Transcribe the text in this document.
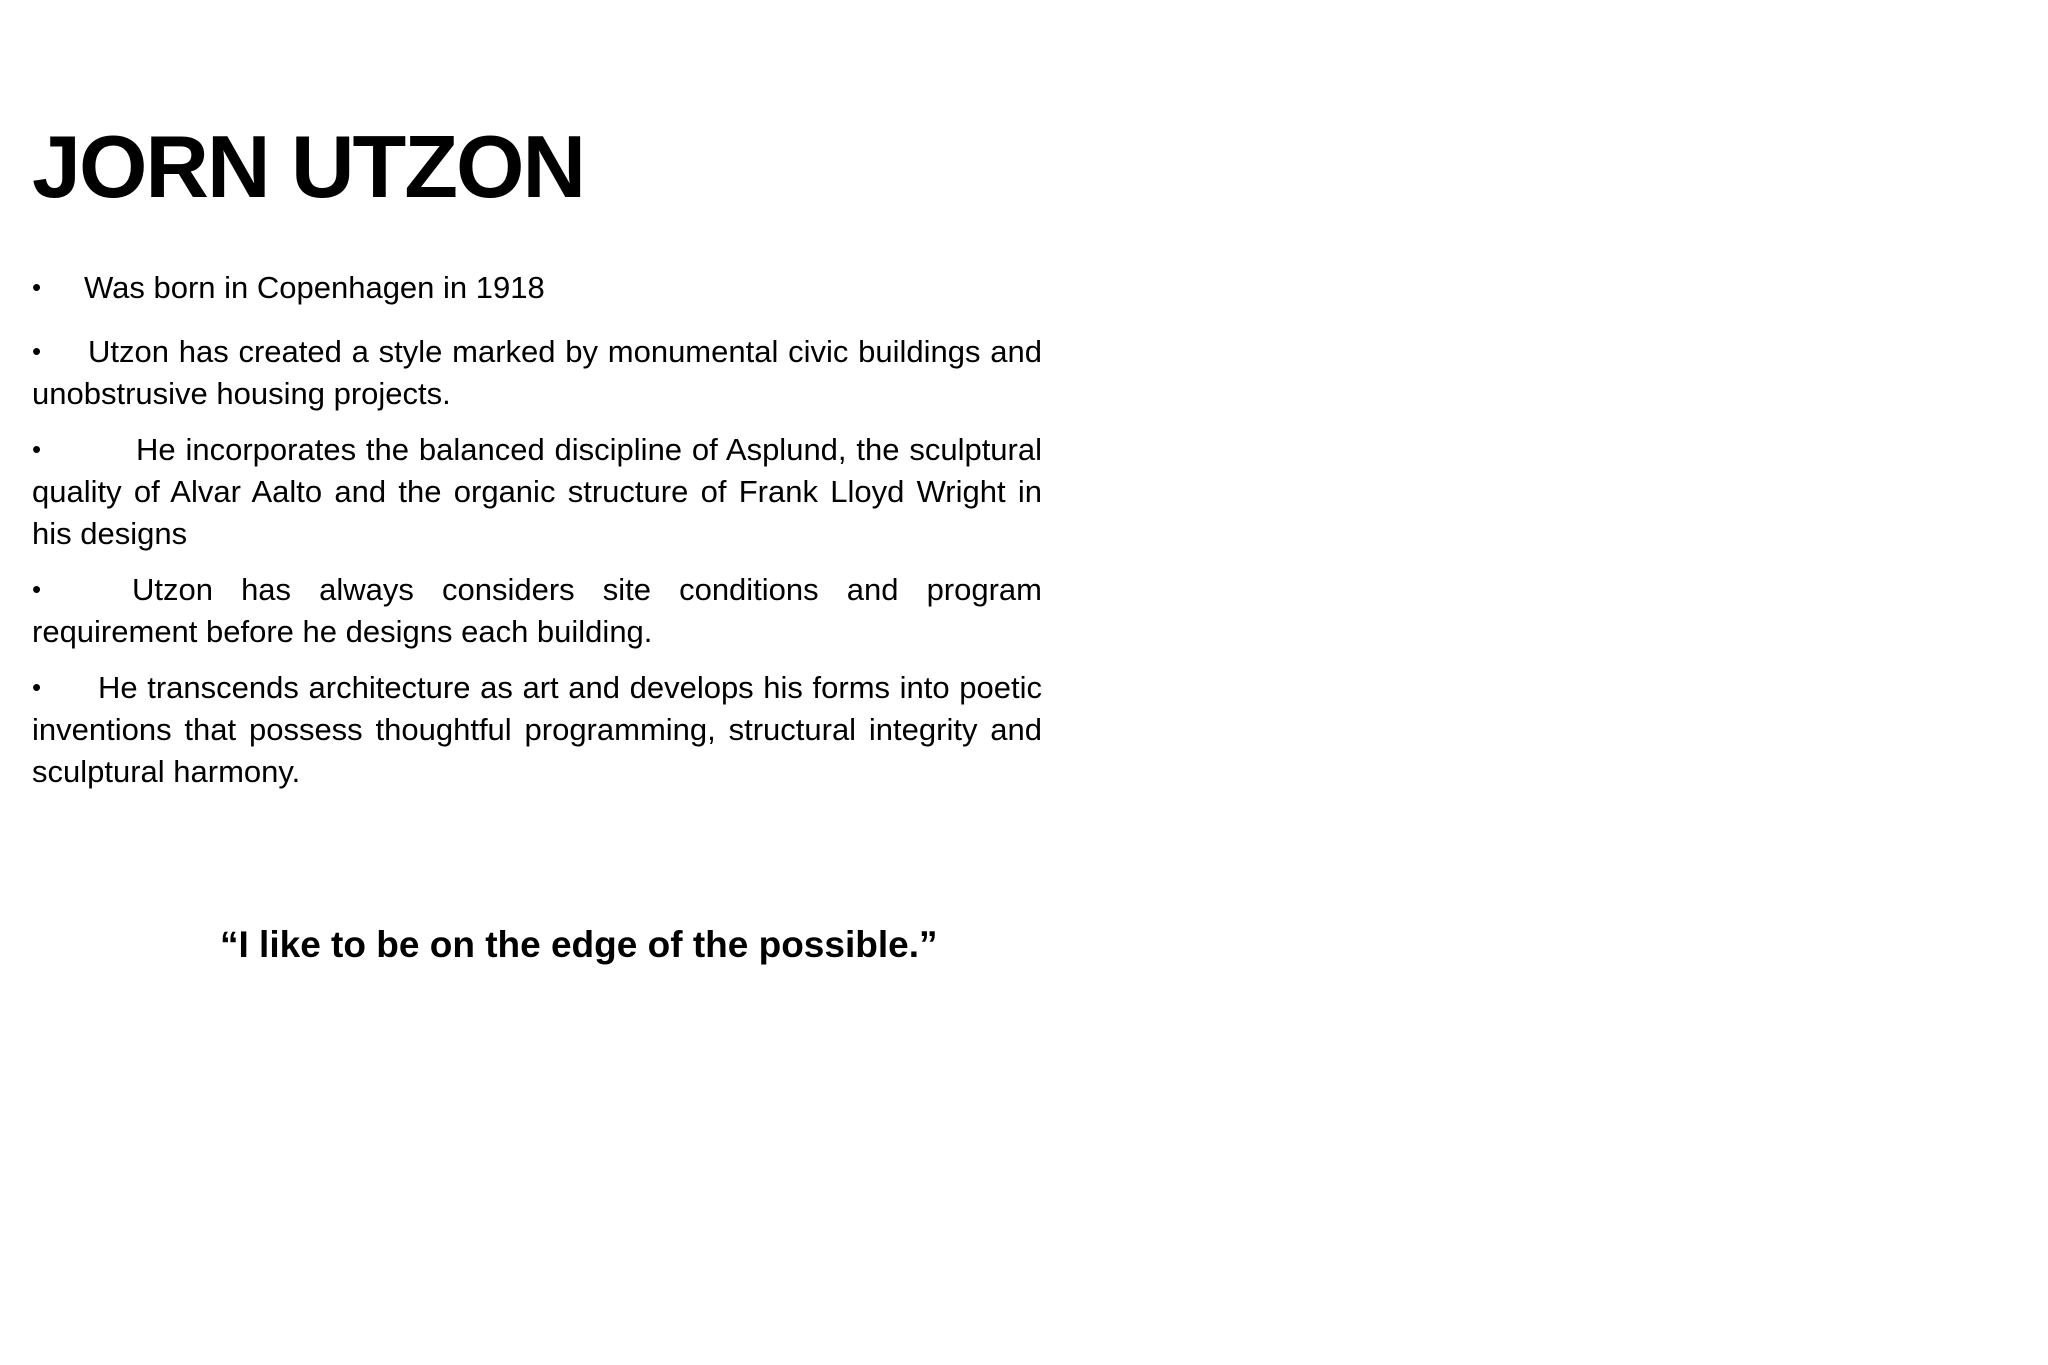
JORN UTZON
• Was born in Copenhagen in 1918
• Utzon has created a style marked by monumental civic buildings and unobstrusive housing projects.
•	He incorporates the balanced discipline of Asplund, the sculptural quality of Alvar Aalto and the organic structure of Frank Lloyd Wright in his designs
•	Utzon has always considers site conditions and program requirement before he designs each building.
• He transcends architecture as art and develops his forms into poetic inventions that possess thoughtful programming, structural integrity and sculptural harmony.

“I like to be on the edge of the possible.”
